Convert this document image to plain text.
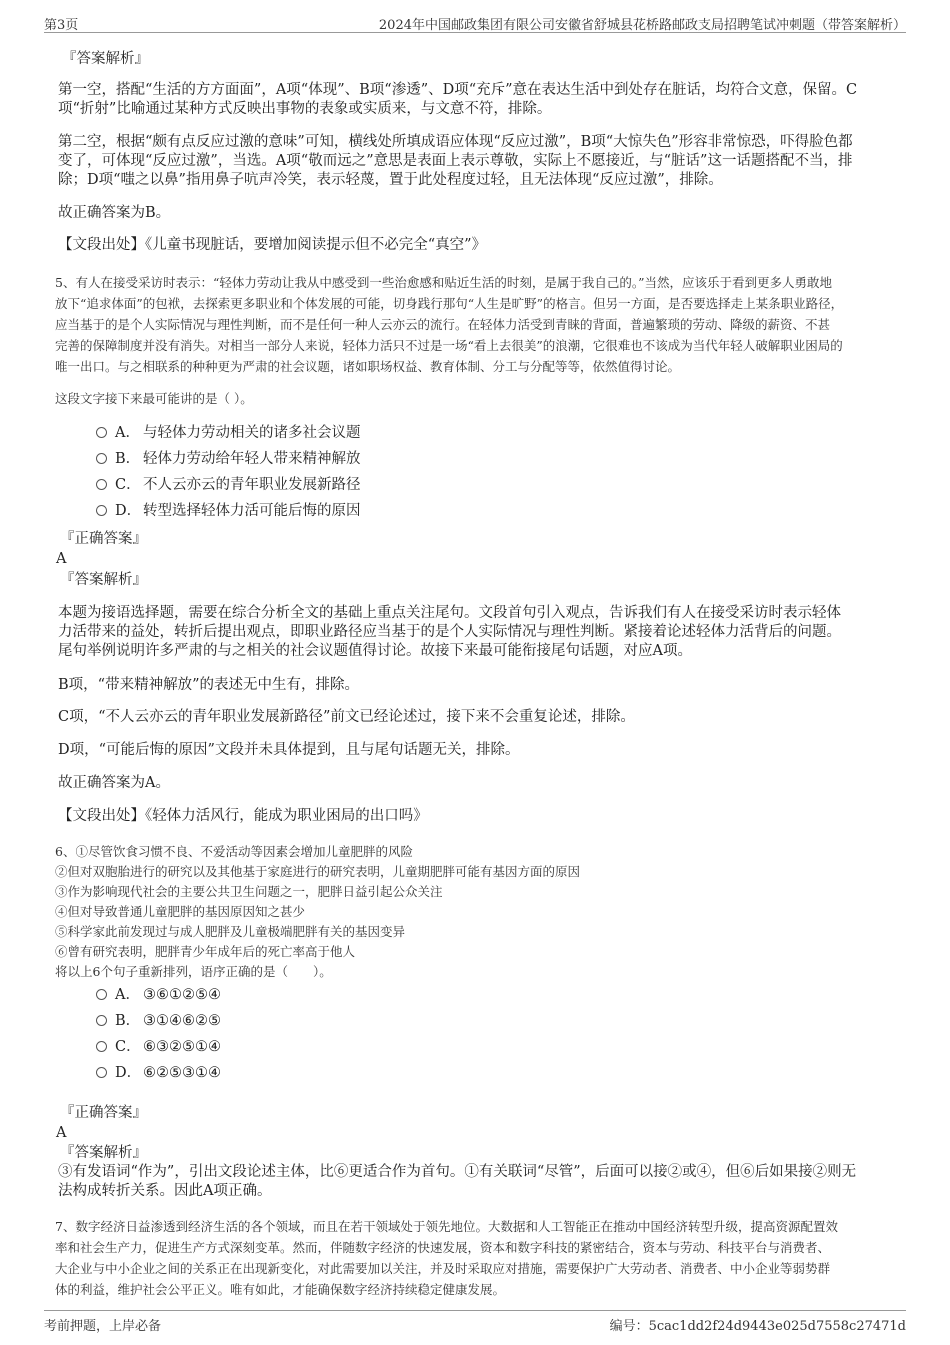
第3页	2024年中国邮政集团有限公司安徽省舒城县花桥路邮政支局招聘笔试冲刺题（带答案解析）
『答案解析』
第一空，搭配“生活的方方面面”，A项“体现”、B项“渗透”、D项“充斥”意在表达生活中到处存在脏话，均符合文意，保留。C
项“折射”比喻通过某种方式反映出事物的表象或实质来，与文意不符，排除。
第二空，根据“颇有点反应过激的意味”可知，横线处所填成语应体现“反应过激”，B项“大惊失色”形容非常惊恐，吓得脸色都
变了，可体现“反应过激”，当选。A项“敬而远之”意思是表面上表示尊敬，实际上不愿接近，与“脏话”这一话题搭配不当，排
除；D项“嗤之以鼻”指用鼻子吭声冷笑，表示轻蔑，置于此处程度过轻，且无法体现“反应过激”，排除。
故正确答案为B。
【文段出处】《儿童书现脏话，要增加阅读提示但不必完全“真空”》
5、有人在接受采访时表示：“轻体力劳动让我从中感受到一些治愈感和贴近生活的时刻，是属于我自己的。”当然，应该乐于看到更多人勇敢地
放下“追求体面”的包袱，去探索更多职业和个体发展的可能，切身践行那句“人生是旷野”的格言。但另一方面，是否要选择走上某条职业路径，
应当基于的是个人实际情况与理性判断，而不是任何一种人云亦云的流行。在轻体力活受到青睐的背面，普遍繁琐的劳动、降级的薪资、不甚
完善的保障制度并没有消失。对相当一部分人来说，轻体力活只不过是一场“看上去很美”的浪潮，它很难也不该成为当代年轻人破解职业困局的
唯一出口。与之相联系的种种更为严肃的社会议题，诸如职场权益、教育体制、分工与分配等等，依然值得讨论。
这段文字接下来最可能讲的是（ ）。
A． 与轻体力劳动相关的诸多社会议题
B． 轻体力劳动给年轻人带来精神解放
C． 不人云亦云的青年职业发展新路径
D． 转型选择轻体力活可能后悔的原因
『正确答案』
A
『答案解析』
本题为接语选择题，需要在综合分析全文的基础上重点关注尾句。文段首句引入观点，告诉我们有人在接受采访时表示轻体
力活带来的益处，转折后提出观点，即职业路径应当基于的是个人实际情况与理性判断。紧接着论述轻体力活背后的问题。
尾句举例说明许多严肃的与之相关的社会议题值得讨论。故接下来最可能衔接尾句话题，对应A项。
B项，“带来精神解放”的表述无中生有，排除。
C项，“不人云亦云的青年职业发展新路径”前文已经论述过，接下来不会重复论述，排除。
D项，“可能后悔的原因”文段并未具体提到，且与尾句话题无关，排除。
故正确答案为A。
【文段出处】《轻体力活风行，能成为职业困局的出口吗》
6、①尽管饮食习惯不良、不爱活动等因素会增加儿童肥胖的风险
②但对双胞胎进行的研究以及其他基于家庭进行的研究表明，儿童期肥胖可能有基因方面的原因
③作为影响现代社会的主要公共卫生问题之一，肥胖日益引起公众关注
④但对导致普通儿童肥胖的基因原因知之甚少
⑤科学家此前发现过与成人肥胖及儿童极端肥胖有关的基因变异
⑥曾有研究表明，肥胖青少年成年后的死亡率高于他人
将以上6个句子重新排列，语序正确的是（　　）。
A． ③⑥①②⑤④
B． ③①④⑥②⑤
C． ⑥③②⑤①④
D． ⑥②⑤③①④
『正确答案』
A
『答案解析』
③有发语词“作为”，引出文段论述主体，比⑥更适合作为首句。①有关联词“尽管”，后面可以接②或④，但⑥后如果接②则无
法构成转折关系。因此A项正确。
7、数字经济日益渗透到经济生活的各个领域，而且在若干领域处于领先地位。大数据和人工智能正在推动中国经济转型升级，提高资源配置效
率和社会生产力，促进生产方式深刻变革。然而，伴随数字经济的快速发展，资本和数字科技的紧密结合，资本与劳动、科技平台与消费者、
大企业与中小企业之间的关系正在出现新变化，对此需要加以关注，并及时采取应对措施，需要保护广大劳动者、消费者、中小企业等弱势群
体的利益，维护社会公平正义。唯有如此，才能确保数字经济持续稳定健康发展。
考前押题，上岸必备	编号：5cac1dd2f24d9443e025d7558c27471d
